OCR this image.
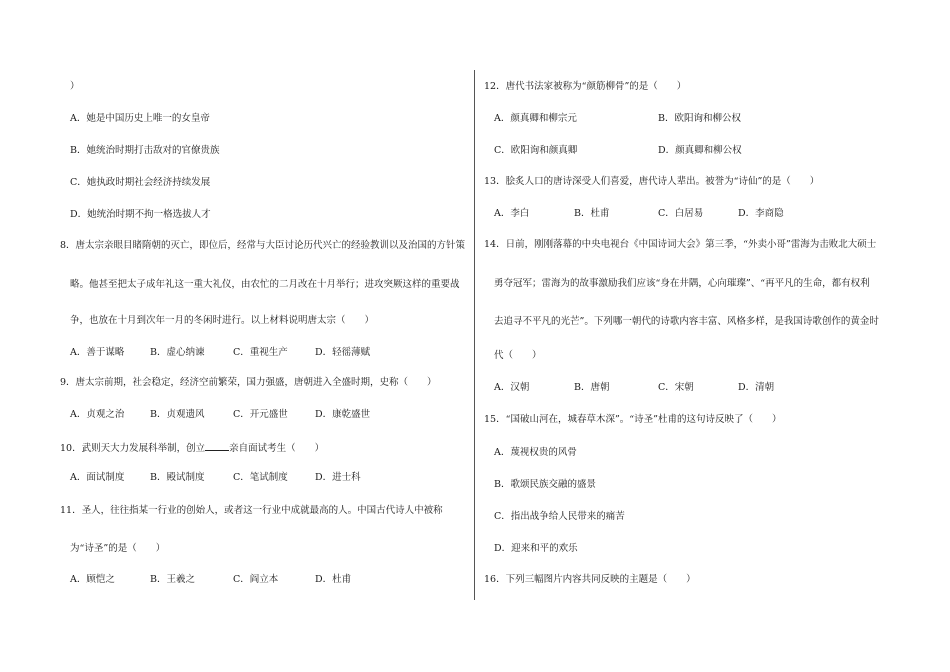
）
A．她是中国历史上唯一的女皇帝
B．她统治时期打击敌对的官僚贵族
C．她执政时期社会经济持续发展
D．她统治时期不拘一格选拔人才
8．唐太宗亲眼目睹隋朝的灭亡，即位后，经常与大臣讨论历代兴亡的经验教训以及治国的方针策
略。他甚至把太子成年礼这一重大礼仪，由农忙的二月改在十月举行；进攻突厥这样的重要战
争，也放在十月到次年一月的冬闲时进行。以上材料说明唐太宗（　　）
A．善于谋略	B．虚心纳谏	C．重视生产	D．轻徭薄赋
9．唐太宗前期，社会稳定，经济空前繁荣，国力强盛，唐朝进入全盛时期，史称（　　）
A．贞观之治	B．贞观遗风	C．开元盛世	D．康乾盛世
10．武则天大力发展科举制，创立	亲自面试考生（　　）
A．面试制度	B．殿试制度	C．笔试制度	D．进士科
11．圣人，往往指某一行业的创始人，或者这一行业中成就最高的人。中国古代诗人中被称
为“诗圣”的是（　　）
A．顾恺之	B．王羲之	C．阎立本	D．杜甫
12．唐代书法家被称为“颜筋柳骨”的是（　　）
A．颜真卿和柳宗元	B．欧阳询和柳公权
C．欧阳询和颜真卿	D．颜真卿和柳公权
13．脍炙人口的唐诗深受人们喜爱，唐代诗人辈出。被誉为“诗仙”的是（　　）
A．李白	B．杜甫	C．白居易	D．李商隐
14．日前，刚刚落幕的中央电视台《中国诗词大会》第三季，“外卖小哥”雷海为击败北大硕士
勇夺冠军；雷海为的故事激励我们应该“身在井隅，心向璀璨”、“再平凡的生命，都有权利
去追寻不平凡的光芒”。下列哪一朝代的诗歌内容丰富、风格多样，是我国诗歌创作的黄金时
代（　　）
A．汉朝	B．唐朝	C．宋朝	D．清朝
15．“国破山河在，城春草木深”。“诗圣”杜甫的这句诗反映了（　　）
A．蔑视权贵的风骨
B．歌颂民族交融的盛景
C．指出战争给人民带来的痛苦
D．迎来和平的欢乐
16．下列三幅图片内容共同反映的主题是（　　）
